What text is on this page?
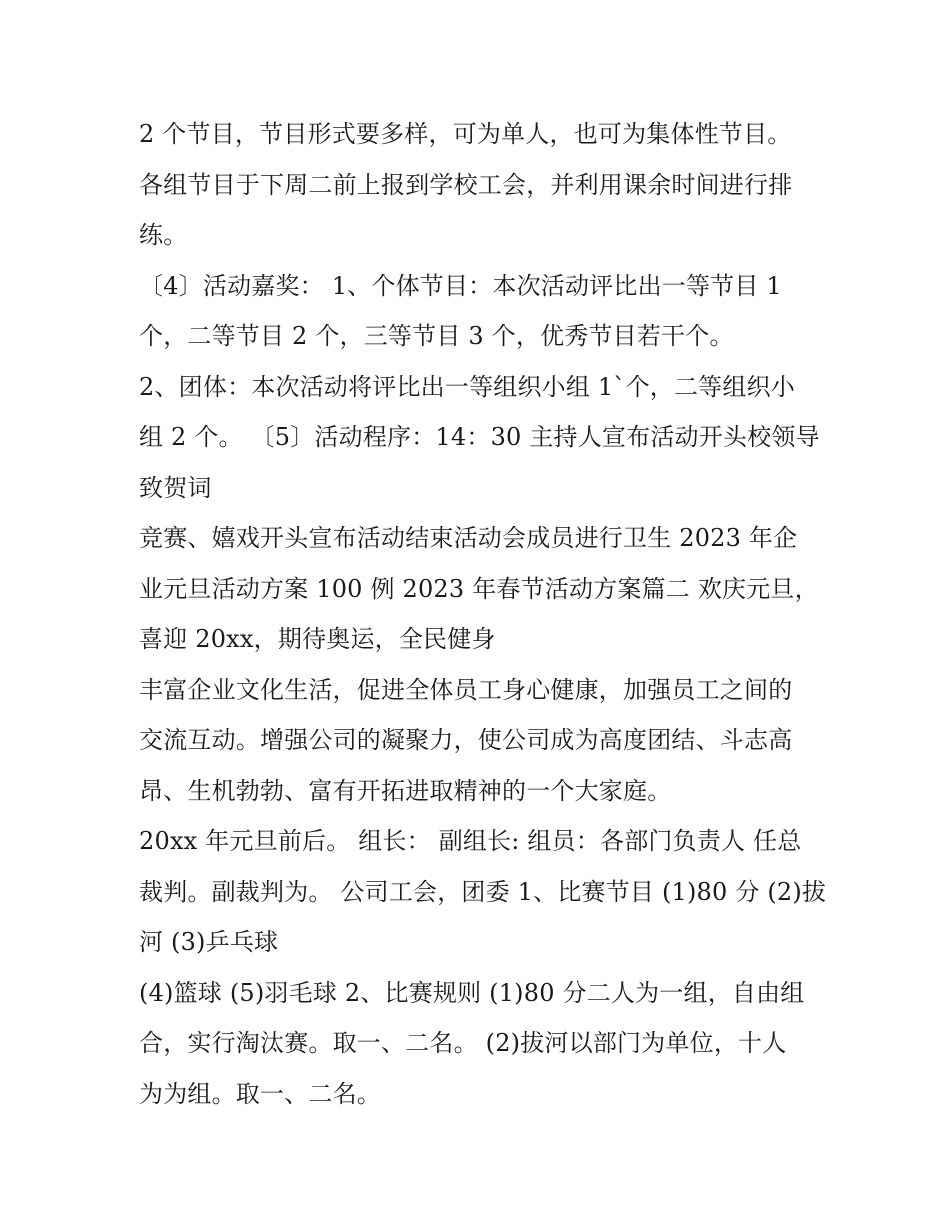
2 个节目，节目形式要多样，可为单人，也可为集体性节目。
各组节目于下周二前上报到学校工会，并利用课余时间进行排
练。
〔4〕活动嘉奖： 1、个体节目：本次活动评比出一等节目 1
个，二等节目 2 个，三等节目 3 个，优秀节目若干个。
2、团体：本次活动将评比出一等组织小组 1`个，二等组织小
组 2 个。 〔5〕活动程序：14：30 主持人宣布活动开头校领导
致贺词
竞赛、嬉戏开头宣布活动结束活动会成员进行卫生 2023 年企
业元旦活动方案 100 例 2023 年春节活动方案篇二 欢庆元旦，
喜迎 20xx，期待奥运，全民健身
丰富企业文化生活，促进全体员工身心健康，加强员工之间的
交流互动。增强公司的凝聚力，使公司成为高度团结、斗志高
昂、生机勃勃、富有开拓进取精神的一个大家庭。
20xx 年元旦前后。 组长： 副组长: 组员：各部门负责人 任总
裁判。副裁判为。 公司工会，团委 1、比赛节目 (1)80 分 (2)拔
河 (3)乒乓球
(4)篮球 (5)羽毛球 2、比赛规则 (1)80 分二人为一组，自由组
合，实行淘汰赛。取一、二名。 (2)拔河以部门为单位，十人
为为组。取一、二名。
